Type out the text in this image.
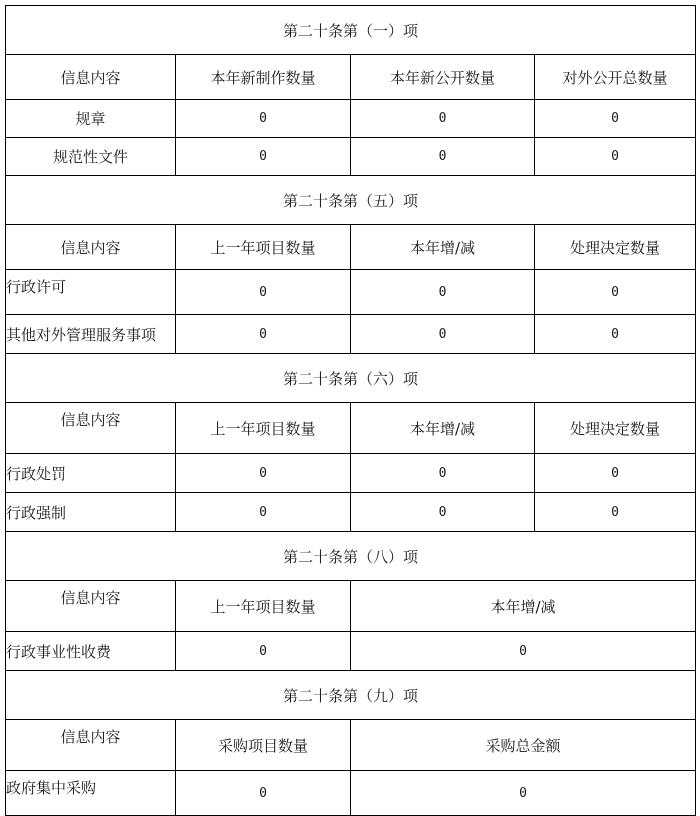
第二十条第（一）项			
信息内容	本年新制作数量	本年新公开数量	对外公开总数量
规章	0	0	0
规范性文件	0	0	0
第二十条第（五）项			
信息内容	上一年项目数量	本年增/减	处理决定数量
行政许可	0	0	0
其他对外管理服务事项	0	0	0
第二十条第（六）项			
信息内容	上一年项目数量	本年增/减	处理决定数量
行政处罚	0	0	0
行政强制	0	0	0
第二十条第（八）项			
信息内容	上一年项目数量	本年增/减	
行政事业性收费	0	0	
第二十条第（九）项			
信息内容	采购项目数量	采购总金额	
政府集中采购	0	0	
